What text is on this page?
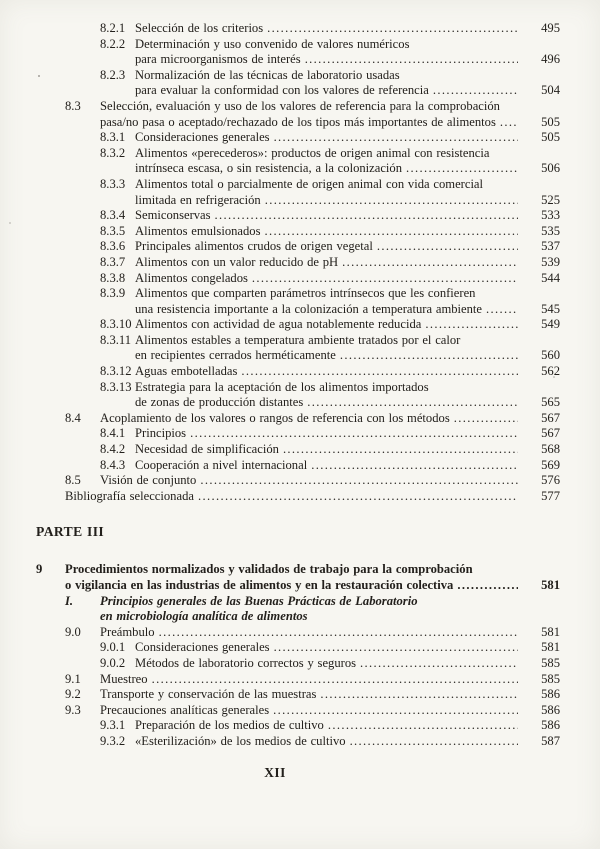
8.2.1 Selección de los criterios .....	495
8.2.2 Determinación y uso convenido de valores numéricos
para microorganismos de interés .....	496
8.2.3 Normalización de las técnicas de laboratorio usadas
para evaluar la conformidad con los valores de referencia .....	504
8.3	Selección, evaluación y uso de los valores de referencia para la comprobación
pasa/no pasa o aceptado/rechazado de los tipos más importantes de alimentos .....	505
8.3.1 Consideraciones generales .....	505
8.3.2 Alimentos «perecederos»: productos de origen animal con resistencia
intrínseca escasa, o sin resistencia, a la colonización .....	506
8.3.3 Alimentos total o parcialmente de origen animal con vida comercial
limitada en refrigeración .....	525
8.3.4 Semiconservas .....	533
8.3.5 Alimentos emulsionados .....	535
8.3.6 Principales alimentos crudos de origen vegetal .....	537
8.3.7 Alimentos con un valor reducido de pH .....	539
8.3.8 Alimentos congelados .....	544
8.3.9 Alimentos que comparten parámetros intrínsecos que les confieren
una resistencia importante a la colonización a temperatura ambiente .....	545
8.3.10 Alimentos con actividad de agua notablemente reducida .....	549
8.3.11 Alimentos estables a temperatura ambiente tratados por el calor
en recipientes cerrados herméticamente .....	560
8.3.12 Aguas embotelladas .....	562
8.3.13 Estrategia para la aceptación de los alimentos importados
de zonas de producción distantes .....	565
8.4	Acoplamiento de los valores o rangos de referencia con los métodos .....	567
8.4.1 Principios .....	567
8.4.2 Necesidad de simplificación .....	568
8.4.3 Cooperación a nivel internacional .....	569
8.5	Visión de conjunto .....	576
Bibliografía seleccionada .....	577
PARTE III
9	Procedimientos normalizados y validados de trabajo para la comprobación
o vigilancia en las industrias de alimentos y en la restauración colectiva .....	581
I.	Principios generales de las Buenas Prácticas de Laboratorio
en microbiología analítica de alimentos
9.0	Preámbulo .....	581
9.0.1 Consideraciones generales .....	581
9.0.2 Métodos de laboratorio correctos y seguros .....	585
9.1	Muestreo .....	585
9.2	Transporte y conservación de las muestras .....	586
9.3	Precauciones analíticas generales .....	586
9.3.1 Preparación de los medios de cultivo .....	586
9.3.2 «Esterilización» de los medios de cultivo .....	587
XII
